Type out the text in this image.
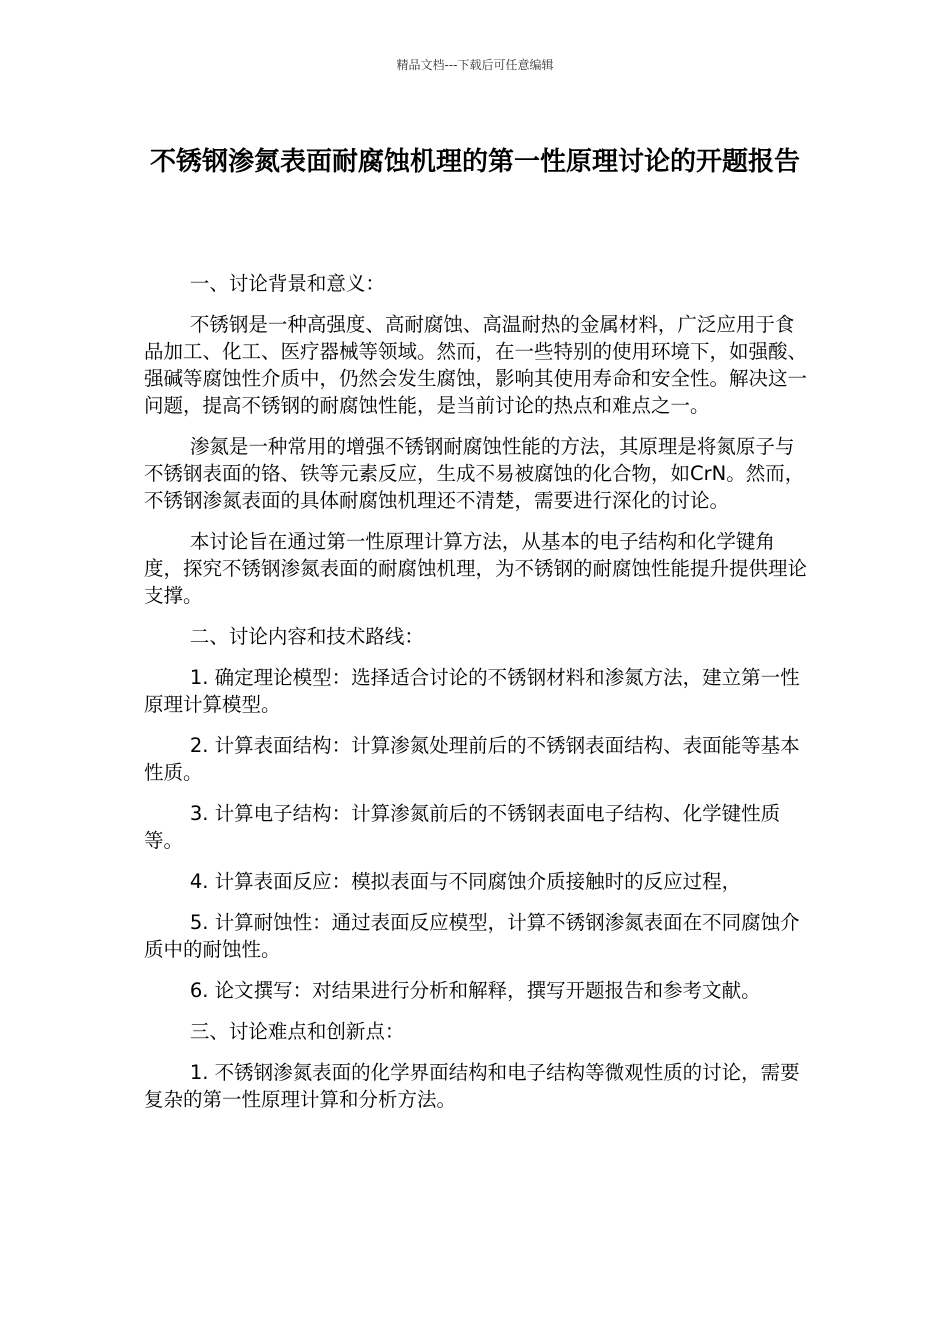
精品文档---下载后可任意编辑
不锈钢渗氮表面耐腐蚀机理的第一性原理讨论的开题报告

一、讨论背景和意义：

不锈钢是一种高强度、高耐腐蚀、高温耐热的金属材料，广泛应用于食品加工、化工、医疗器械等领域。然而，在一些特别的使用环境下，如强酸、强碱等腐蚀性介质中，仍然会发生腐蚀，影响其使用寿命和安全性。解决这一问题，提高不锈钢的耐腐蚀性能，是当前讨论的热点和难点之一。

渗氮是一种常用的增强不锈钢耐腐蚀性能的方法，其原理是将氮原子与不锈钢表面的铬、铁等元素反应，生成不易被腐蚀的化合物，如CrN。然而，不锈钢渗氮表面的具体耐腐蚀机理还不清楚，需要进行深化的讨论。

本讨论旨在通过第一性原理计算方法，从基本的电子结构和化学键角度，探究不锈钢渗氮表面的耐腐蚀机理，为不锈钢的耐腐蚀性能提升提供理论支撑。

二、讨论内容和技术路线：

1. 确定理论模型：选择适合讨论的不锈钢材料和渗氮方法，建立第一性原理计算模型。

2. 计算表面结构：计算渗氮处理前后的不锈钢表面结构、表面能等基本性质。

3. 计算电子结构：计算渗氮前后的不锈钢表面电子结构、化学键性质等。

4. 计算表面反应：模拟表面与不同腐蚀介质接触时的反应过程，

5. 计算耐蚀性：通过表面反应模型，计算不锈钢渗氮表面在不同腐蚀介质中的耐蚀性。

6. 论文撰写：对结果进行分析和解释，撰写开题报告和参考文献。

三、讨论难点和创新点：

1. 不锈钢渗氮表面的化学界面结构和电子结构等微观性质的讨论，需要复杂的第一性原理计算和分析方法。
